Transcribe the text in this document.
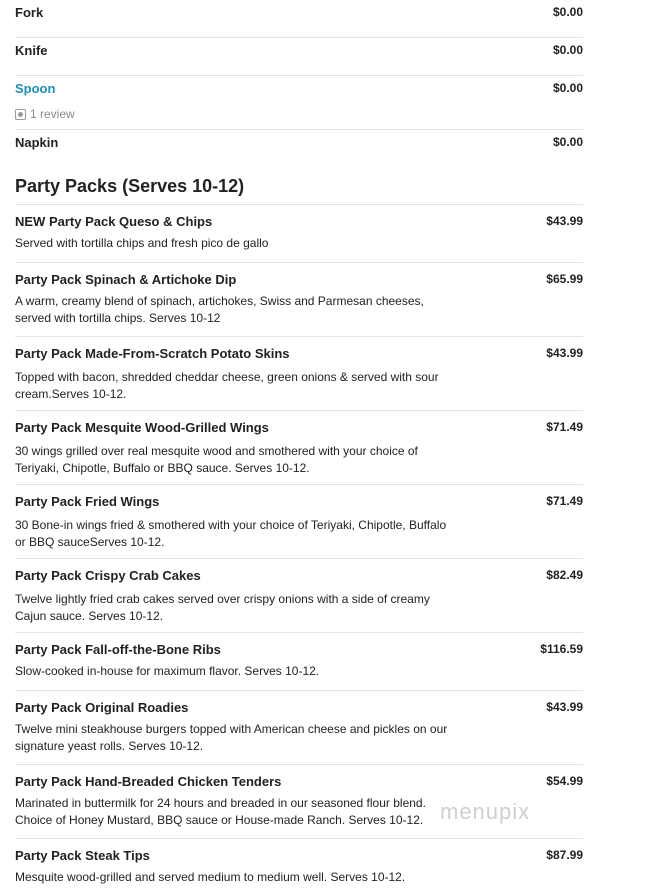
Fork	$0.00
Knife	$0.00
Spoon	$0.00
1 review
Napkin	$0.00
Party Packs (Serves 10-12)
NEW Party Pack Queso & Chips	$43.99
Served with tortilla chips and fresh pico de gallo
Party Pack Spinach & Artichoke Dip	$65.99
A warm, creamy blend of spinach, artichokes, Swiss and Parmesan cheeses, served with tortilla chips. Serves 10-12
Party Pack Made-From-Scratch Potato Skins	$43.99
Topped with bacon, shredded cheddar cheese, green onions & served with sour cream.Serves 10-12.
Party Pack Mesquite Wood-Grilled Wings	$71.49
30 wings grilled over real mesquite wood and smothered with your choice of Teriyaki, Chipotle, Buffalo or BBQ sauce. Serves 10-12.
Party Pack Fried Wings	$71.49
30 Bone-in wings fried & smothered with your choice of Teriyaki, Chipotle, Buffalo or BBQ sauceServes 10-12.
Party Pack Crispy Crab Cakes	$82.49
Twelve lightly fried crab cakes served over crispy onions with a side of creamy Cajun sauce. Serves 10-12.
Party Pack Fall-off-the-Bone Ribs	$116.59
Slow-cooked in-house for maximum flavor. Serves 10-12.
Party Pack Original Roadies	$43.99
Twelve mini steakhouse burgers topped with American cheese and pickles on our signature yeast rolls. Serves 10-12.
Party Pack Hand-Breaded Chicken Tenders	$54.99
Marinated in buttermilk for 24 hours and breaded in our seasoned flour blend. Choice of Honey Mustard, BBQ sauce or House-made Ranch. Serves 10-12.
Party Pack Steak Tips	$87.99
Mesquite wood-grilled and served medium to medium well. Serves 10-12.
menupix
